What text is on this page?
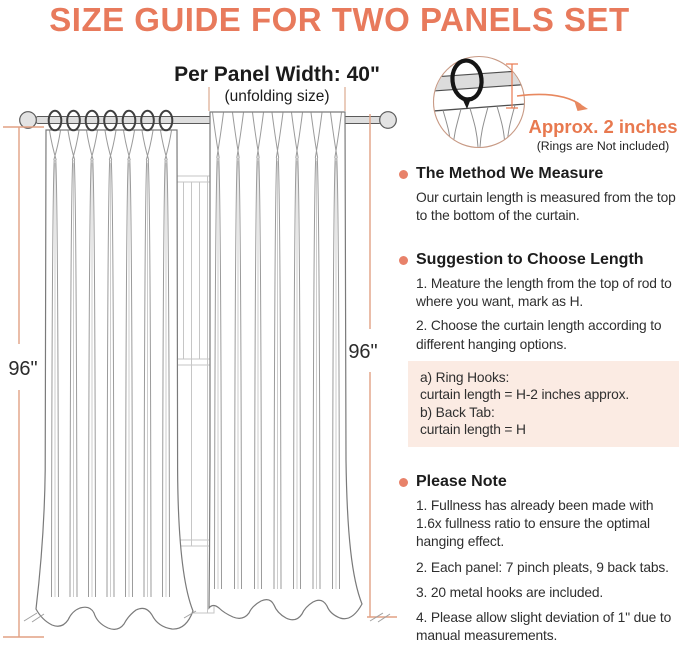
SIZE GUIDE FOR TWO PANELS SET
Per Panel Width: 40"
(unfolding size)
96"
96"
Approx. 2 inches
(Rings are Not included)
The Method We Measure

Our curtain length is measured from the top to the bottom of the curtain.

Suggestion to Choose Length

1. Meature the length from the top of rod to where you want, mark as H.

2. Choose the curtain length according to different hanging options.

a) Ring Hooks:
curtain length = H-2 inches approx.
b) Back Tab:
curtain length = H
Please Note

1. Fullness has already been made with 1.6x fullness ratio to ensure the optimal hanging effect.

2. Each panel: 7 pinch pleats, 9 back tabs.

3. 20 metal hooks are included.

4. Please allow slight deviation of 1" due to manual measurements.
